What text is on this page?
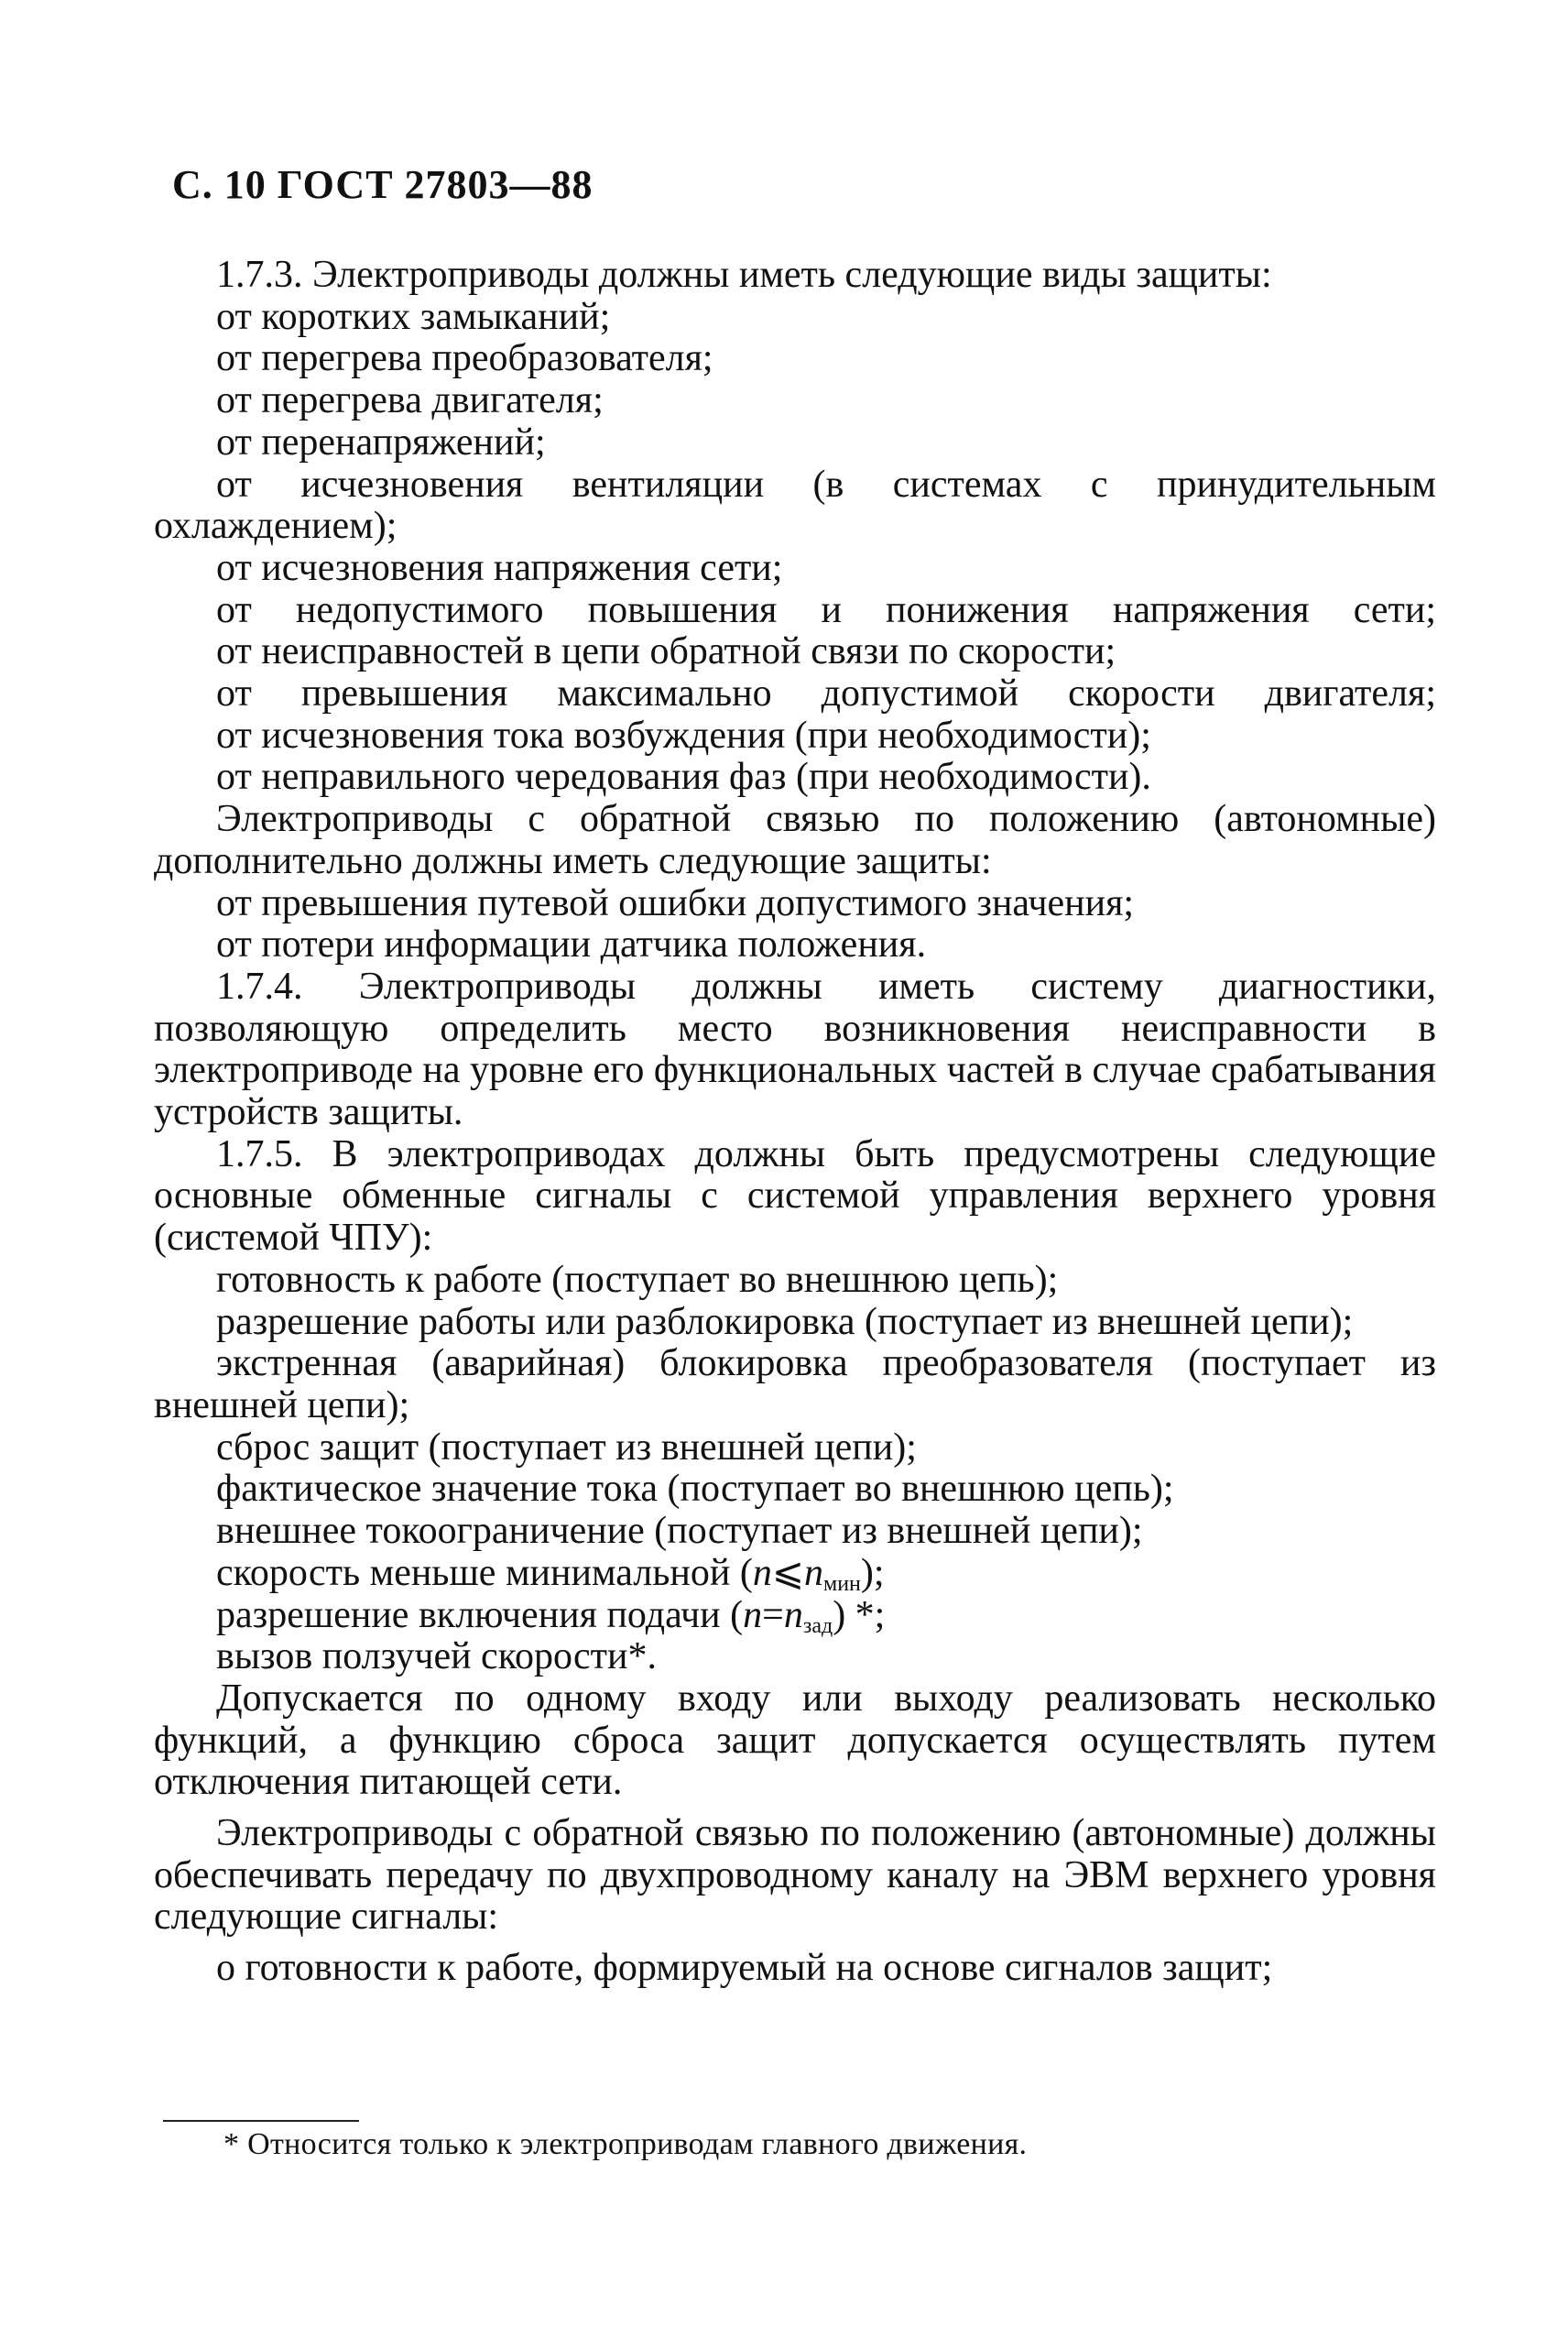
С. 10 ГОСТ 27803—88

1.7.3. Электроприводы должны иметь следующие виды защиты:

от коротких замыканий;

от перегрева преобразователя;

от перегрева двигателя;

от перенапряжений;

от исчезновения вентиляции (в системах с принудительным охлаждением);

от исчезновения напряжения сети;

от недопустимого повышения и понижения напряжения сети;

от неисправностей в цепи обратной связи по скорости;

от превышения максимально допустимой скорости двигателя;

от исчезновения тока возбуждения (при необходимости);

от неправильного чередования фаз (при необходимости).

Электроприводы с обратной связью по положению (автономные) дополнительно должны иметь следующие защиты:

от превышения путевой ошибки допустимого значения;

от потери информации датчика положения.

1.7.4. Электроприводы должны иметь систему диагностики, позволяющую определить место возникновения неисправности в электроприводе на уровне его функциональных частей в случае срабатывания устройств защиты.

1.7.5. В электроприводах должны быть предусмотрены следующие основные обменные сигналы с системой управления верхнего уровня (системой ЧПУ):

готовность к работе (поступает во внешнюю цепь);

разрешение работы или разблокировка (поступает из внешней цепи);

экстренная (аварийная) блокировка преобразователя (поступает из внешней цепи);

сброс защит (поступает из внешней цепи);

фактическое значение тока (поступает во внешнюю цепь);

внешнее токоограничение (поступает из внешней цепи);

скорость меньше минимальной $(n⩽n_{мин})$;

разрешение включения подачи $(n=n_{зад})$ *;

вызов ползучей скорости*.

Допускается по одному входу или выходу реализовать несколько функций, а функцию сброса защит допускается осуществлять путем отключения питающей сети.

Электроприводы с обратной связью по положению (автономные) должны обеспечивать передачу по двухпроводному каналу на ЭВМ верхнего уровня следующие сигналы:

о готовности к работе, формируемый на основе сигналов защит;

* Относится только к электроприводам главного движения.
